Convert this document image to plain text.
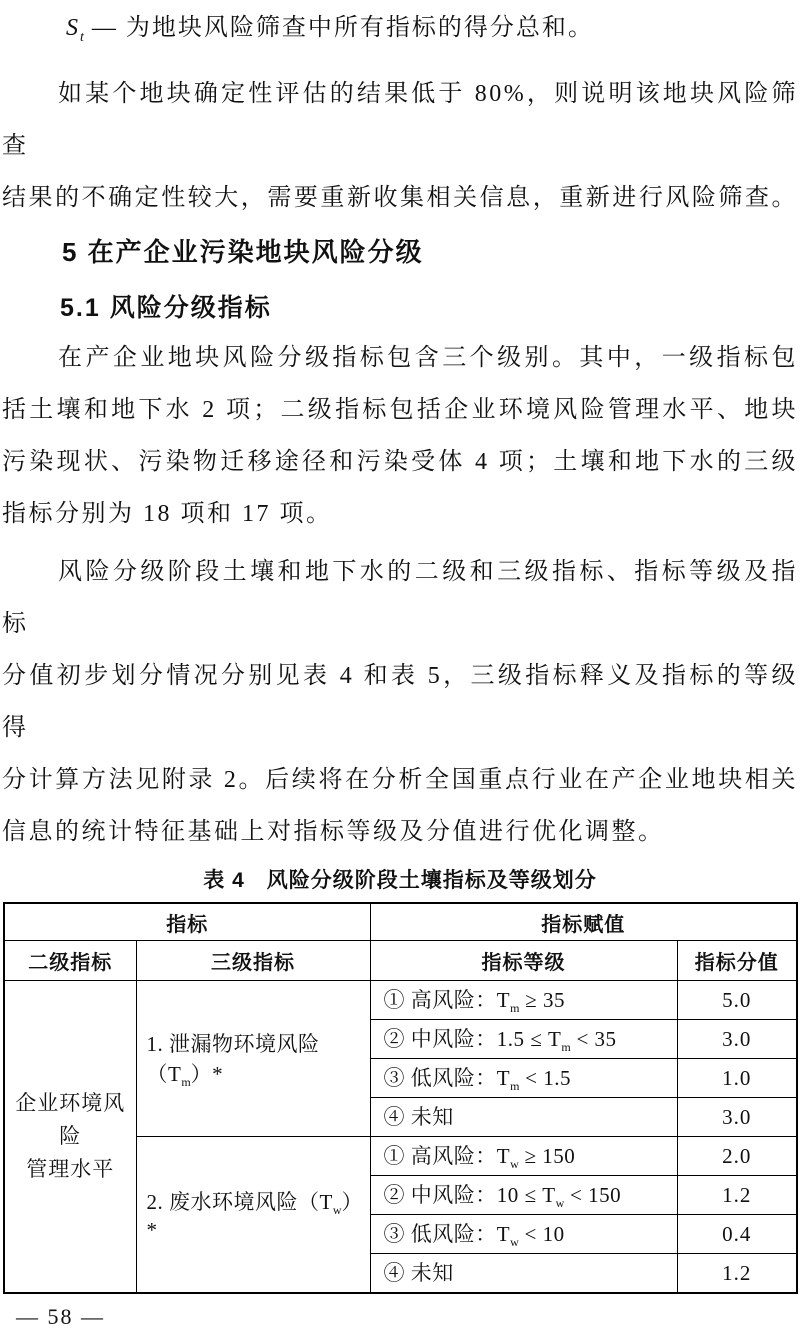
$S_t$ — 为地块风险筛查中所有指标的得分总和。

如某个地块确定性评估的结果低于 80%，则说明该地块风险筛查
结果的不确定性较大，需要重新收集相关信息，重新进行风险筛查。
5 在产企业污染地块风险分级
5.1 风险分级指标
在产企业地块风险分级指标包含三个级别。其中，一级指标包
括土壤和地下水 2 项；二级指标包括企业环境风险管理水平、地块
污染现状、污染物迁移途径和污染受体 4 项；土壤和地下水的三级
指标分别为 18 项和 17 项。
风险分级阶段土壤和地下水的二级和三级指标、指标等级及指标
分值初步划分情况分别见表 4 和表 5，三级指标释义及指标的等级得
分计算方法见附录 2。后续将在分析全国重点行业在产企业地块相关
信息的统计特征基础上对指标等级及分值进行优化调整。
表 4　风险分级阶段土壤指标及等级划分
指标		指标赋值	
二级指标	三级指标	指标等级	指标分值

企业环境风险
管理水平	1. 泄漏物环境风险$(T_m)*$	① 高风险：$T_m \ge 35$	5.0
		② 中风险：$1.5 \le T_m < 35$	3.0
		③ 低风险：$T_m < 1.5$	1.0
		④ 未知	3.0
	2. 废水环境风险$(T_w)*$	① 高风险：$T_w \ge 150$	2.0
		② 中风险：$10 \le T_w < 150$	1.2
		③ 低风险：$T_w < 10$	0.4
		④ 未知	1.2
— 58 —
